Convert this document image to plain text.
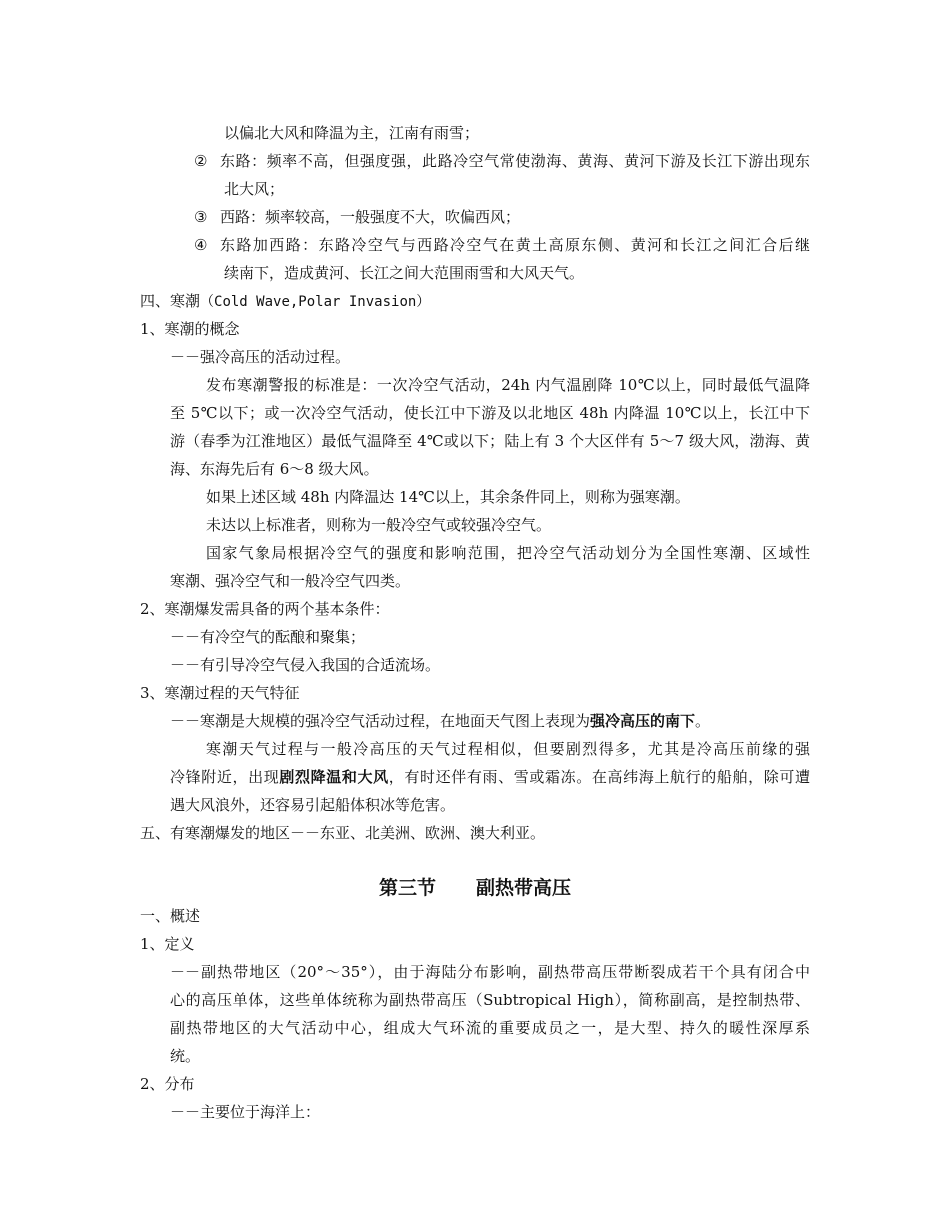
以偏北大风和降温为主，江南有雨雪；
② 东路：频率不高，但强度强，此路冷空气常使渤海、黄海、黄河下游及长江下游出现东
北大风；
③ 西路：频率较高，一般强度不大，吹偏西风；
④ 东路加西路：东路冷空气与西路冷空气在黄土高原东侧、黄河和长江之间汇合后继
续南下，造成黄河、长江之间大范围雨雪和大风天气。
四、寒潮（Cold Wave,Polar Invasion）
1、寒潮的概念
－－强冷高压的活动过程。
发布寒潮警报的标准是：一次冷空气活动，24h 内气温剧降 10℃以上，同时最低气温降
至 5℃以下；或一次冷空气活动，使长江中下游及以北地区 48h 内降温 10℃以上，长江中下
游（春季为江淮地区）最低气温降至 4℃或以下；陆上有 3 个大区伴有 5～7 级大风，渤海、黄
海、东海先后有 6～8 级大风。
如果上述区域 48h 内降温达 14℃以上，其余条件同上，则称为强寒潮。
未达以上标准者，则称为一般冷空气或较强冷空气。
国家气象局根据冷空气的强度和影响范围，把冷空气活动划分为全国性寒潮、区域性
寒潮、强冷空气和一般冷空气四类。
2、寒潮爆发需具备的两个基本条件：
－－有冷空气的酝酿和聚集；
－－有引导冷空气侵入我国的合适流场。
3、寒潮过程的天气特征
－－寒潮是大规模的强冷空气活动过程，在地面天气图上表现为强冷高压的南下。
寒潮天气过程与一般冷高压的天气过程相似，但要剧烈得多，尤其是冷高压前缘的强
冷锋附近，出现剧烈降温和大风，有时还伴有雨、雪或霜冻。在高纬海上航行的船舶，除可遭
遇大风浪外，还容易引起船体积冰等危害。
五、有寒潮爆发的地区－－东亚、北美洲、欧洲、澳大利亚。
第三节 副热带高压
一、概述
1、定义
－－副热带地区（20°～35°），由于海陆分布影响，副热带高压带断裂成若干个具有闭合中
心的高压单体，这些单体统称为副热带高压（Subtropical High），简称副高，是控制热带、
副热带地区的大气活动中心，组成大气环流的重要成员之一，是大型、持久的暖性深厚系
统。
2、分布
－－主要位于海洋上：
